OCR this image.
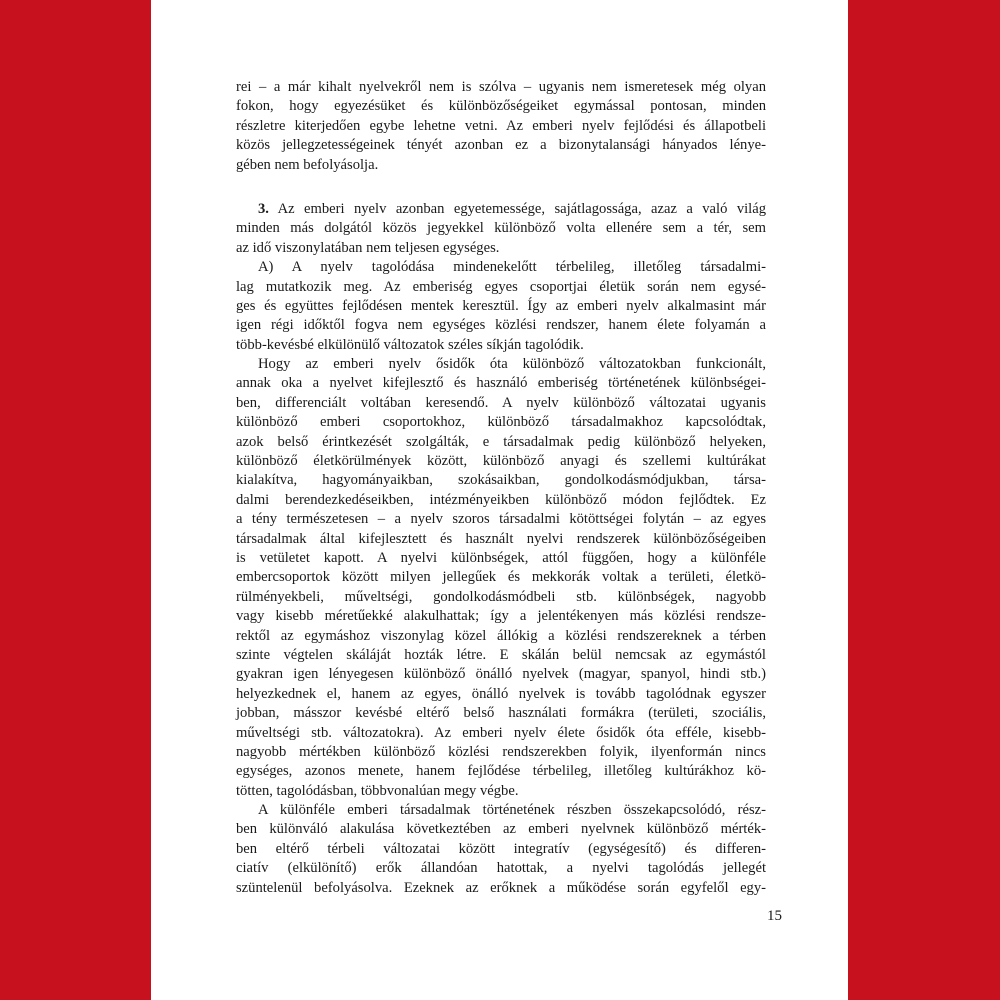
rei – a már kihalt nyelvekről nem is szólva – ugyanis nem ismeretesek még olyan
fokon, hogy egyezésüket és különbözőségeiket egymással pontosan, minden
részletre kiterjedően egybe lehetne vetni. Az emberi nyelv fejlődési és állapotbeli
közös jellegzetességeinek tényét azonban ez a bizonytalansági hányados lénye-
gében nem befolyásolja.
3. Az emberi nyelv azonban egyetemessége, sajátlagossága, azaz a való világ
minden más dolgától közös jegyekkel különböző volta ellenére sem a tér, sem
az idő viszonylatában nem teljesen egységes.
A) A nyelv tagolódása mindenekelőtt térbelileg, illetőleg társadalmi-
lag mutatkozik meg. Az emberiség egyes csoportjai életük során nem egysé-
ges és együttes fejlődésen mentek keresztül. Így az emberi nyelv alkalmasint már
igen régi időktől fogva nem egységes közlési rendszer, hanem élete folyamán a
több-kevésbé elkülönülő változatok széles síkján tagolódik.
Hogy az emberi nyelv ősidők óta különböző változatokban funkcionált,
annak oka a nyelvet kifejlesztő és használó emberiség történetének különbségei-
ben, differenciált voltában keresendő. A nyelv különböző változatai ugyanis
különböző emberi csoportokhoz, különböző társadalmakhoz kapcsolódtak,
azok belső érintkezését szolgálták, e társadalmak pedig különböző helyeken,
különböző életkörülmények között, különböző anyagi és szellemi kultúrákat
kialakítva, hagyományaikban, szokásaikban, gondolkodásmódjukban, társa-
dalmi berendezkedéseikben, intézményeikben különböző módon fejlődtek. Ez
a tény természetesen – a nyelv szoros társadalmi kötöttségei folytán – az egyes
társadalmak által kifejlesztett és használt nyelvi rendszerek különbözőségeiben
is vetületet kapott. A nyelvi különbségek, attól függően, hogy a különféle
embercsoportok között milyen jellegűek és mekkorák voltak a területi, életkö-
rülményekbeli, műveltségi, gondolkodásmódbeli stb. különbségek, nagyobb
vagy kisebb méretűekké alakulhattak; így a jelentékenyen más közlési rendsze-
rektől az egymáshoz viszonylag közel állókig a közlési rendszereknek a térben
szinte végtelen skáláját hozták létre. E skálán belül nemcsak az egymástól
gyakran igen lényegesen különböző önálló nyelvek (magyar, spanyol, hindi stb.)
helyezkednek el, hanem az egyes, önálló nyelvek is tovább tagolódnak egyszer
jobban, másszor kevésbé eltérő belső használati formákra (területi, szociális,
műveltségi stb. változatokra). Az emberi nyelv élete ősidők óta efféle, kisebb-
nagyobb mértékben különböző közlési rendszerekben folyik, ilyenformán nincs
egységes, azonos menete, hanem fejlődése térbelileg, illetőleg kultúrákhoz kö-
tötten, tagolódásban, többvonalúan megy végbe.
A különféle emberi társadalmak történetének részben összekapcsolódó, rész-
ben különváló alakulása következtében az emberi nyelvnek különböző mérték-
ben eltérő térbeli változatai között integratív (egységesítő) és differen-
ciatív (elkülönítő) erők állandóan hatottak, a nyelvi tagolódás jellegét
szüntelenül befolyásolva. Ezeknek az erőknek a működése során egyfelől egy-
15
